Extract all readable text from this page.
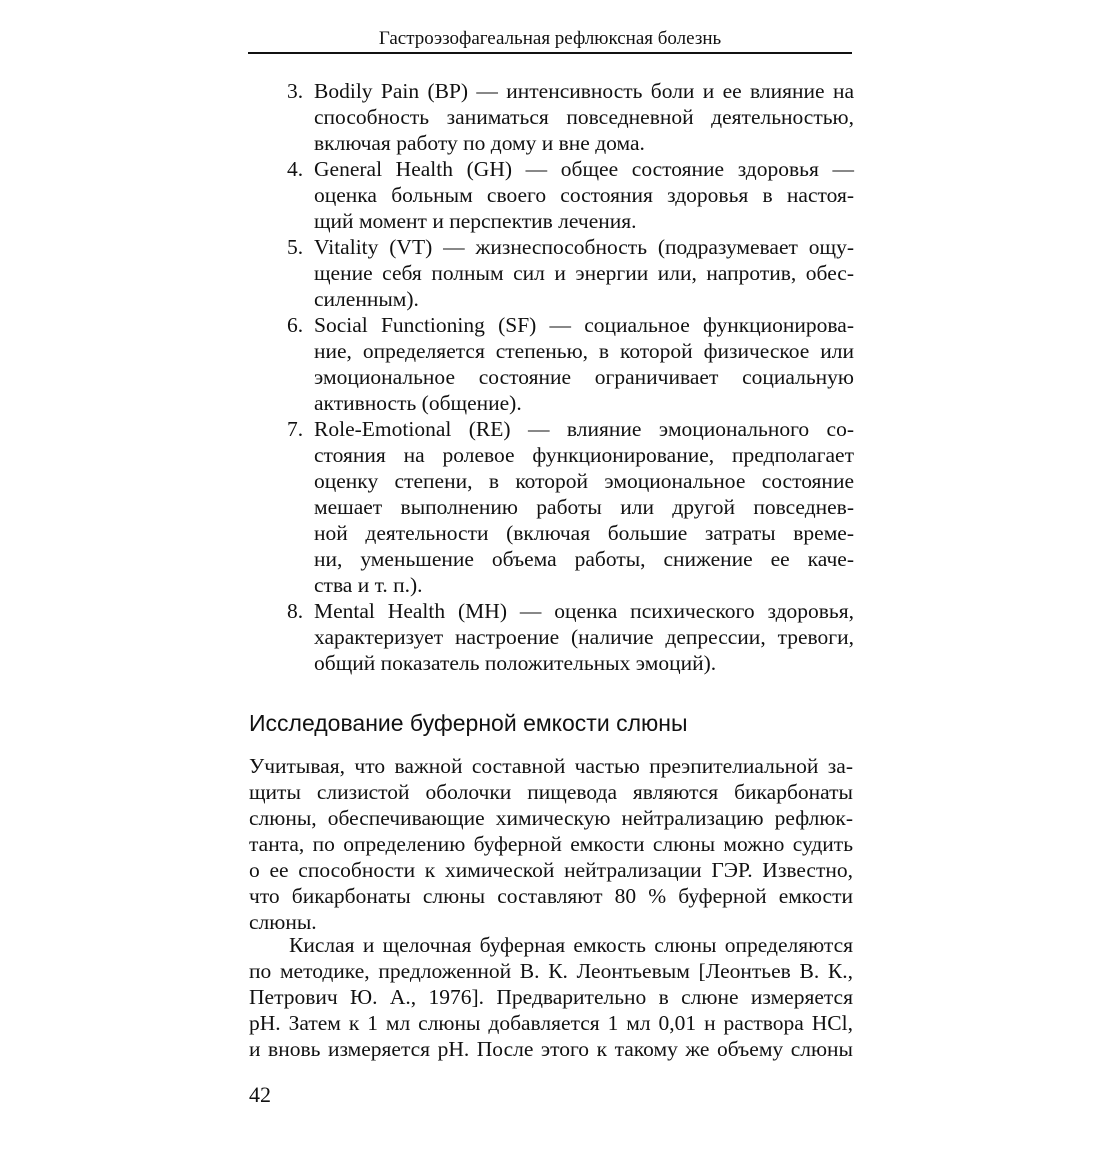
Гастроэзофагеальная рефлюксная болезнь
3. Bodily Pain (BP) — интенсивность боли и ее влияние на
способность заниматься повседневной деятельностью,
включая работу по дому и вне дома.
4. General Health (GH) — общее состояние здоровья —
оценка больным своего состояния здоровья в настоя-
щий момент и перспектив лечения.
5. Vitality (VT) — жизнеспособность (подразумевает ощу-
щение себя полным сил и энергии или, напротив, обес-
силенным).
6. Social Functioning (SF) — социальное функционирова-
ние, определяется степенью, в которой физическое или
эмоциональное состояние ограничивает социальную
активность (общение).
7. Role-Emotional (RE) — влияние эмоционального со-
стояния на ролевое функционирование, предполагает
оценку степени, в которой эмоциональное состояние
мешает выполнению работы или другой повседнев-
ной деятельности (включая большие затраты време-
ни, уменьшение объема работы, снижение ее каче-
ства и т. п.).
8. Mental Health (MH) — оценка психического здоровья,
характеризует настроение (наличие депрессии, тревоги,
общий показатель положительных эмоций).
Исследование буферной емкости слюны
Учитывая, что важной составной частью преэпителиальной за-
щиты слизистой оболочки пищевода являются бикарбонаты
слюны, обеспечивающие химическую нейтрализацию рефлюк-
танта, по определению буферной емкости слюны можно судить
о ее способности к химической нейтрализации ГЭР. Известно,
что бикарбонаты слюны составляют 80 % буферной емкости
слюны.
Кислая и щелочная буферная емкость слюны определяются
по методике, предложенной В. К. Леонтьевым [Леонтьев В. К.,
Петрович Ю. А., 1976]. Предварительно в слюне измеряется
pH. Затем к 1 мл слюны добавляется 1 мл 0,01 н раствора HCl,
и вновь измеряется pH. После этого к такому же объему слюны
42
